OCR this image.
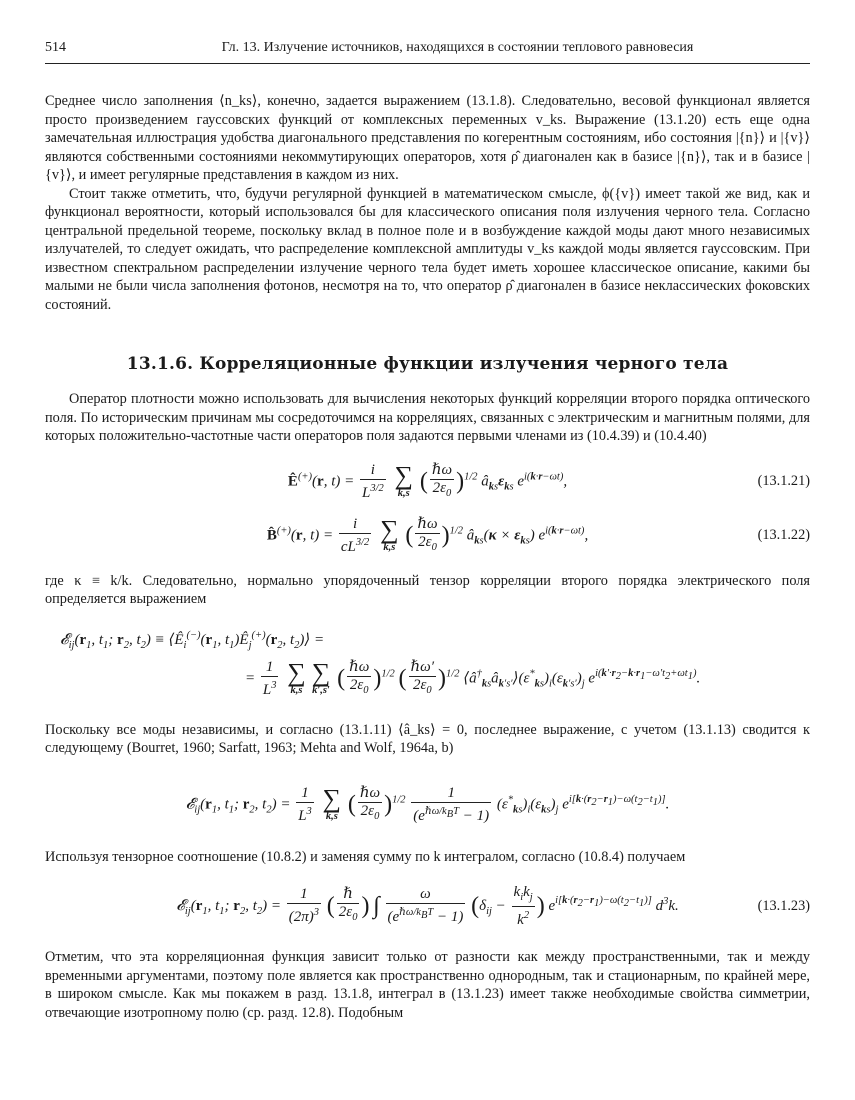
514	Гл. 13. Излучение источников, находящихся в состоянии теплового равновесия

Среднее число заполнения ⟨n_ks⟩, конечно, задается выражением (13.1.8). Следовательно, весовой функционал является просто произведением гауссовских функций от комплексных переменных v_ks. Выражение (13.1.20) есть еще одна замечательная иллюстрация удобства диагонального представления по когерентным состояниям, ибо состояния |{n}⟩ и |{v}⟩ являются собственными состояниями некоммутирующих операторов, хотя ρ̂ диагонален как в базисе |{n}⟩, так и в базисе |{v}⟩, и имеет регулярные представления в каждом из них.

Стоит также отметить, что, будучи регулярной функцией в математическом смысле, ϕ({v}) имеет такой же вид, как и функционал вероятности, который использовался бы для классического описания поля излучения черного тела. Согласно центральной предельной теореме, поскольку вклад в полное поле и в возбуждение каждой моды дают много независимых излучателей, то следует ожидать, что распределение комплексной амплитуды v_ks каждой моды является гауссовским. При известном спектральном распределении излучение черного тела будет иметь хорошее классическое описание, какими бы малыми не были числа заполнения фотонов, несмотря на то, что оператор ρ̂ диагонален в базисе неклассических фоковских состояний.

13.1.6. Корреляционные функции излучения черного тела

Оператор плотности можно использовать для вычисления некоторых функций корреляции второго порядка оптического поля. По историческим причинам мы сосредоточимся на корреляциях, связанных с электрическим и магнитным полями, для которых положительно-частотные части операторов поля задаются первыми членами из (10.4.39) и (10.4.40)

Ê(+)(r, $t) = \frac{i}{L^{3/2}}$
∑
k,s ( $\frac{\text{ℏω}}{2\varepsilon_0} )^{1/2}$ $â_{ks}\varepsilon_{ks}$ $e^{i(k\cdot r-\omega t)}$,	(13.1.21)
B̂(+)(r, $t) = \frac{i}{cL^{3/2}}$
∑
k,s ( $\frac{\text{ℏω}}{2\varepsilon_0} )^{1/2}$ $â_{ks}(\kappa \times \varepsilon_{ks})$ $e^{i(k\cdot r-\omega t)}$,	(13.1.22)

где κ ≡ k/k. Следовательно, нормально упорядоченный тензор корреляции второго порядка электрического поля определяется выражением

$𝓔_{ij}(r_1$, $t_1$; $r_2$, $t_2$) ≡ $⟨Ê_i^{(-)}(r_1$, $t_1)Ê_j^{(+)}(r_2$, $t_2)⟩$ =
= $\frac{1}{L^3}$
∑
k,s
∑
k′,s′ ( $\frac{\text{ℏω}}{2\varepsilon_0} )^{1/2}$ ( $\frac{\text{ℏω′}}{2\varepsilon_0} )^{1/2}$ $⟨â^\dagger_{ks}â_{k's'}⟩(\varepsilon^*_{ks})_i(\varepsilon_{k's'})_j$ $e^{i(k'\cdot r_2-k\cdot r_1-\omega't_2+\omega t_1)}$.

Поскольку все моды независимы, и согласно (13.1.11) ⟨â_ks⟩ = 0, последнее выражение, с учетом (13.1.13) сводится к следующему (Bourret, 1960; Sarfatt, 1963; Mehta and Wolf, 1964a, b)

$𝓔_{ij}(r_1$, $t_1$; $r_2$, $t_2) = \frac{1}{L^3}$
∑
k,s ( $\frac{\text{ℏω}}{2\varepsilon_0} )^{1/2} \frac{1}{(e^{\hbar\omega/k_BT} - 1)} (\varepsilon^*_{ks})_i(\varepsilon_{ks})_j$ $e^{i[k\cdot(r_2-r_1)-\omega(t_2-t_1)]}$.

Используя тензорное соотношение (10.8.2) и заменяя сумму по k интегралом, согласно (10.8.4) получаем

$𝓔_{ij}(r_1$, $t_1$; $r_2$, $t_2) = \frac{1}{(2\pi)^3}$ ( $\frac{\text{ℏ}}{2\varepsilon_0}$ ) ∫ $\frac{\omega}{(e^{\hbar\omega/k_BT} - 1)} (\delta_{ij} - \frac{k_ik_j}{k^2}$ ) $e^{i[k\cdot(r_2-r_1)-\omega(t_2-t_1)]}$ $d^3k$.	(13.1.23)

Отметим, что эта корреляционная функция зависит только от разности как между пространственными, так и между временными аргументами, поэтому поле является как пространственно однородным, так и стационарным, по крайней мере, в широком смысле. Как мы покажем в разд. 13.1.8, интеграл в (13.1.23) имеет также необходимые свойства симметрии, отвечающие изотропному полю (ср. разд. 12.8). Подобным
